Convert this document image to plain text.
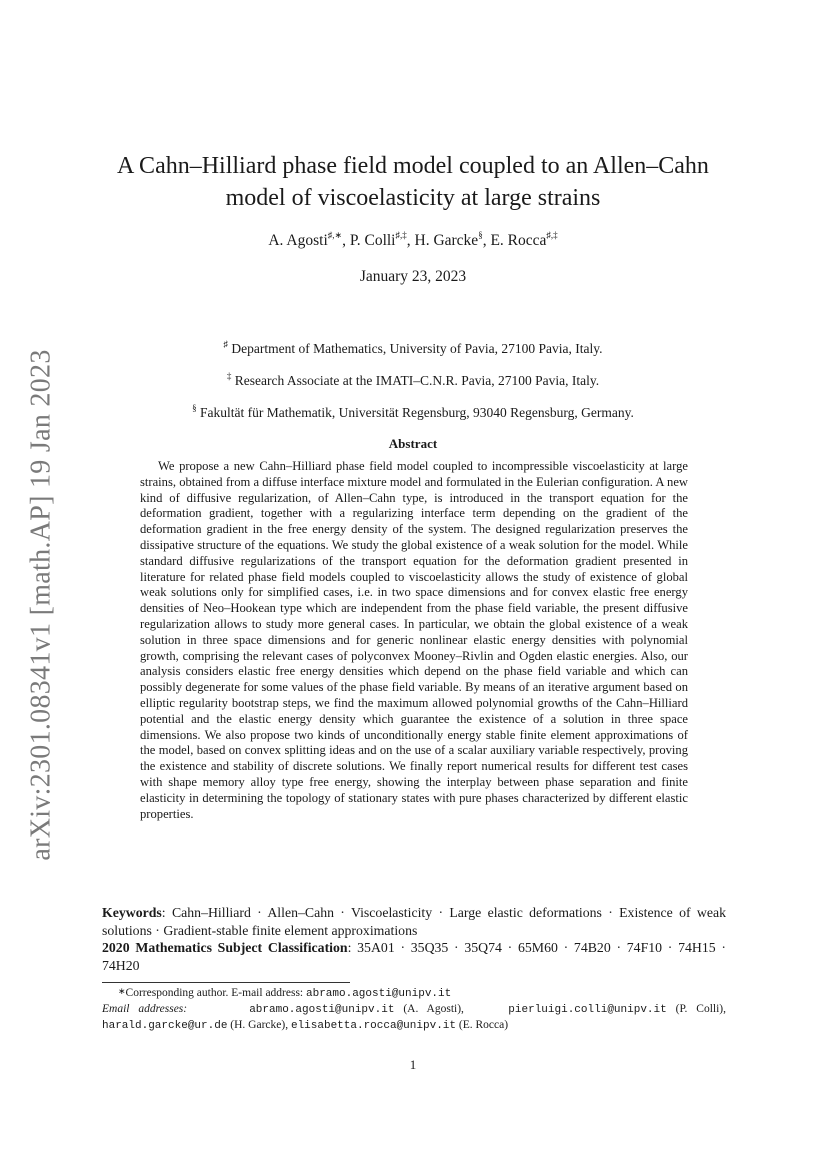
arXiv:2301.08341v1 [math.AP] 19 Jan 2023
A Cahn–Hilliard phase field model coupled to an Allen–Cahn
model of viscoelasticity at large strains
A. Agosti♯,∗, P. Colli♯,‡, H. Garcke§, E. Rocca♯,‡
January 23, 2023
♯ Department of Mathematics, University of Pavia, 27100 Pavia, Italy.
‡ Research Associate at the IMATI–C.N.R. Pavia, 27100 Pavia, Italy.
§ Fakultät für Mathematik, Universität Regensburg, 93040 Regensburg, Germany.
Abstract
We propose a new Cahn–Hilliard phase field model coupled to incompressible viscoelasticity at large strains, obtained from a diffuse interface mixture model and formulated in the Eulerian configuration. A new kind of diffusive regularization, of Allen–Cahn type, is introduced in the transport equation for the deformation gradient, together with a regularizing interface term depending on the gradient of the deformation gradient in the free energy density of the system. The designed regularization preserves the dissipative structure of the equations. We study the global existence of a weak solution for the model. While standard diffusive regularizations of the transport equation for the deformation gradient presented in literature for related phase field models coupled to viscoelasticity allows the study of existence of global weak solutions only for simplified cases, i.e. in two space dimensions and for convex elastic free energy densities of Neo–Hookean type which are independent from the phase field variable, the present diffusive regularization allows to study more general cases. In particular, we obtain the global existence of a weak solution in three space dimensions and for generic nonlinear elastic energy densities with polynomial growth, comprising the relevant cases of polyconvex Mooney–Rivlin and Ogden elastic energies. Also, our analysis considers elastic free energy densities which depend on the phase field variable and which can possibly degenerate for some values of the phase field variable. By means of an iterative argument based on elliptic regularity bootstrap steps, we find the maximum allowed polynomial growths of the Cahn–Hilliard potential and the elastic energy density which guarantee the existence of a solution in three space dimensions. We also propose two kinds of unconditionally energy stable finite element approximations of the model, based on convex splitting ideas and on the use of a scalar auxiliary variable respectively, proving the existence and stability of discrete solutions. We finally report numerical results for different test cases with shape memory alloy type free energy, showing the interplay between phase separation and finite elasticity in determining the topology of stationary states with pure phases characterized by different elastic properties.
Keywords: Cahn–Hilliard · Allen–Cahn · Viscoelasticity · Large elastic deformations · Existence of weak solutions · Gradient-stable finite element approximations
2020 Mathematics Subject Classification: 35A01 · 35Q35 · 35Q74 · 65M60 · 74B20 · 74F10 · 74H15 · 74H20
∗Corresponding author. E-mail address: abramo.agosti@unipv.it
Email addresses:	abramo.agosti@unipv.it (A. Agosti),	pierluigi.colli@unipv.it (P. Colli), harald.garcke@ur.de (H. Garcke), elisabetta.rocca@unipv.it (E. Rocca)
1
